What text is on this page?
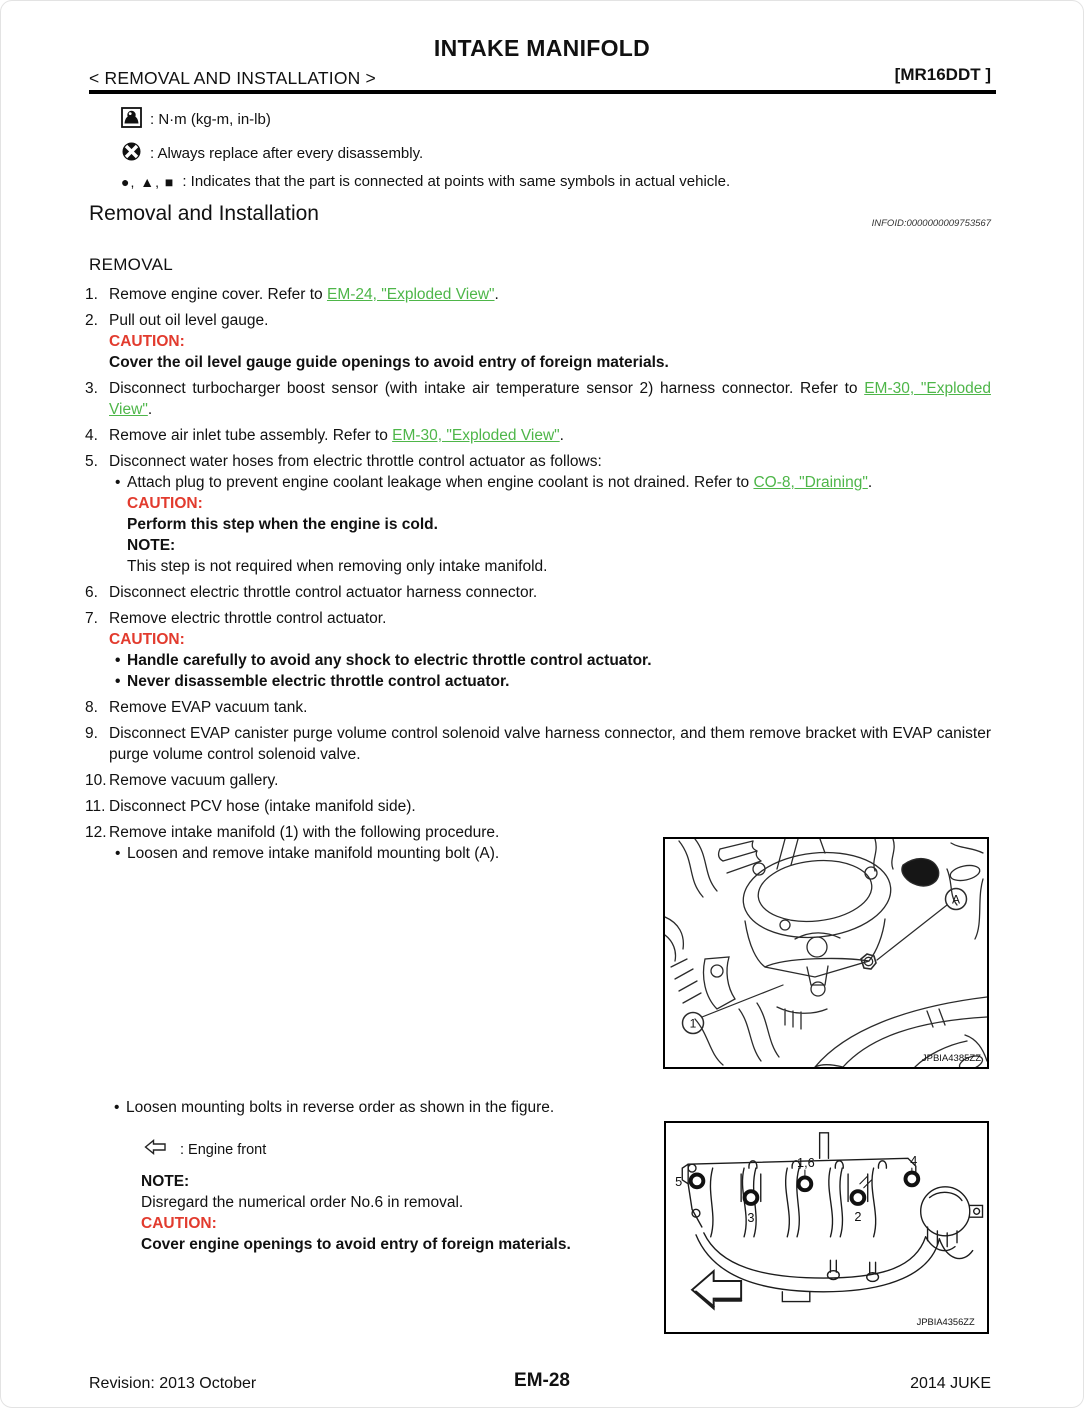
INTAKE MANIFOLD
< REMOVAL AND INSTALLATION >	[MR16DDT ]
: N·m (kg-m, in-lb)
: Always replace after every disassembly.
●, ▲, ■ : Indicates that the part is connected at points with same symbols in actual vehicle.
Removal and Installation	INFOID:0000000009753567
REMOVAL
1. Remove engine cover. Refer to EM-24, "Exploded View".
2. Pull out oil level gauge.
CAUTION:
Cover the oil level gauge guide openings to avoid entry of foreign materials.
3. Disconnect turbocharger boost sensor (with intake air temperature sensor 2) harness connector. Refer to EM-30, "Exploded View".
4. Remove air inlet tube assembly. Refer to EM-30, "Exploded View".
5. Disconnect water hoses from electric throttle control actuator as follows:
• Attach plug to prevent engine coolant leakage when engine coolant is not drained. Refer to CO-8, "Draining".
CAUTION:
Perform this step when the engine is cold.
NOTE:
This step is not required when removing only intake manifold.
6. Disconnect electric throttle control actuator harness connector.
7. Remove electric throttle control actuator.
CAUTION:
• Handle carefully to avoid any shock to electric throttle control actuator.
• Never disassemble electric throttle control actuator.
8. Remove EVAP vacuum tank.
9. Disconnect EVAP canister purge volume control solenoid valve harness connector, and them remove bracket with EVAP canister purge volume control solenoid valve.
10. Remove vacuum gallery.
11. Disconnect PCV hose (intake manifold side).
12. Remove intake manifold (1) with the following procedure.
• Loosen and remove intake manifold mounting bolt (A).
A
1
JPBIA4385ZZ
• Loosen mounting bolts in reverse order as shown in the figure.
: Engine front
NOTE:
Disregard the numerical order No.6 in removal.
CAUTION:
Cover engine openings to avoid entry of foreign materials.
5
3
1,6
2
4
JPBIA4356ZZ
Revision: 2013 October	EM-28	2014 JUKE
